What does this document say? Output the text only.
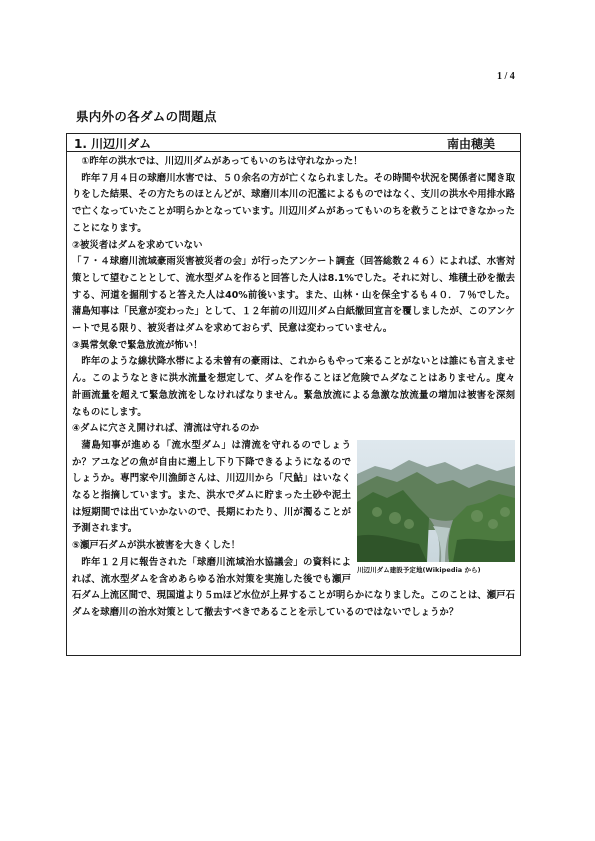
1 / 4
県内外の各ダムの問題点
1. 川辺川ダム	南由穂美

①昨年の洪水では、川辺川ダムがあってもいのちは守れなかった！

昨年７月４日の球磨川水害では、５０余名の方が亡くなられました。その時間や状況を関係者に聞き取りをした結果、その方たちのほとんどが、球磨川本川の氾濫によるものではなく、支川の洪水や用排水路で亡くなっていたことが明らかとなっています。川辺川ダムがあってもいのちを救うことはできなかったことになります。

②被災者はダムを求めていない

「７・４球磨川流域豪雨災害被災者の会」が行ったアンケート調査（回答総数２４６）によれば、水害対策として望むこととして、流水型ダムを作ると回答した人は8.1%でした。それに対し、堆積土砂を撤去する、河道を掘削すると答えた人は40%前後います。また、山林・山を保全するも４０．７％でした。蒲島知事は「民意が変わった」として、１２年前の川辺川ダム白紙撤回宣言を覆しましたが、このアンケートで見る限り、被災者はダムを求めておらず、民意は変わっていません。

③異常気象で緊急放流が怖い！

昨年のような線状降水帯による未曾有の豪雨は、これからもやって来ることがないとは誰にも言えません。このようなときに洪水流量を想定して、ダムを作ることほど危険でムダなことはありません。度々計画流量を超えて緊急放流をしなければなりません。緊急放流による急激な放流量の増加は被害を深刻なものにします。

④ダムに穴さえ開ければ、清流は守れるのか

川辺川ダム建設予定地(Wikipedia から)
蒲島知事が進める「流水型ダム」は清流を守れるのでしょうか？アユなどの魚が自由に遡上し下り下降できるようになるのでしょうか。専門家や川漁師さんは、川辺川から「尺鮎」はいなくなると指摘しています。また、洪水でダムに貯まった土砂や泥土は短期間では出ていかないので、長期にわたり、川が濁ることが予測されます。

⑤瀬戸石ダムが洪水被害を大きくした！

昨年１２月に報告された「球磨川流域治水協議会」の資料によれば、流水型ダムを含めあらゆる治水対策を実施した後でも瀬戸石ダム上流区間で、現国道より５ｍほど水位が上昇することが明らかになりました。このことは、瀬戸石ダムを球磨川の治水対策として撤去すべきであることを示しているのではないでしょうか？
